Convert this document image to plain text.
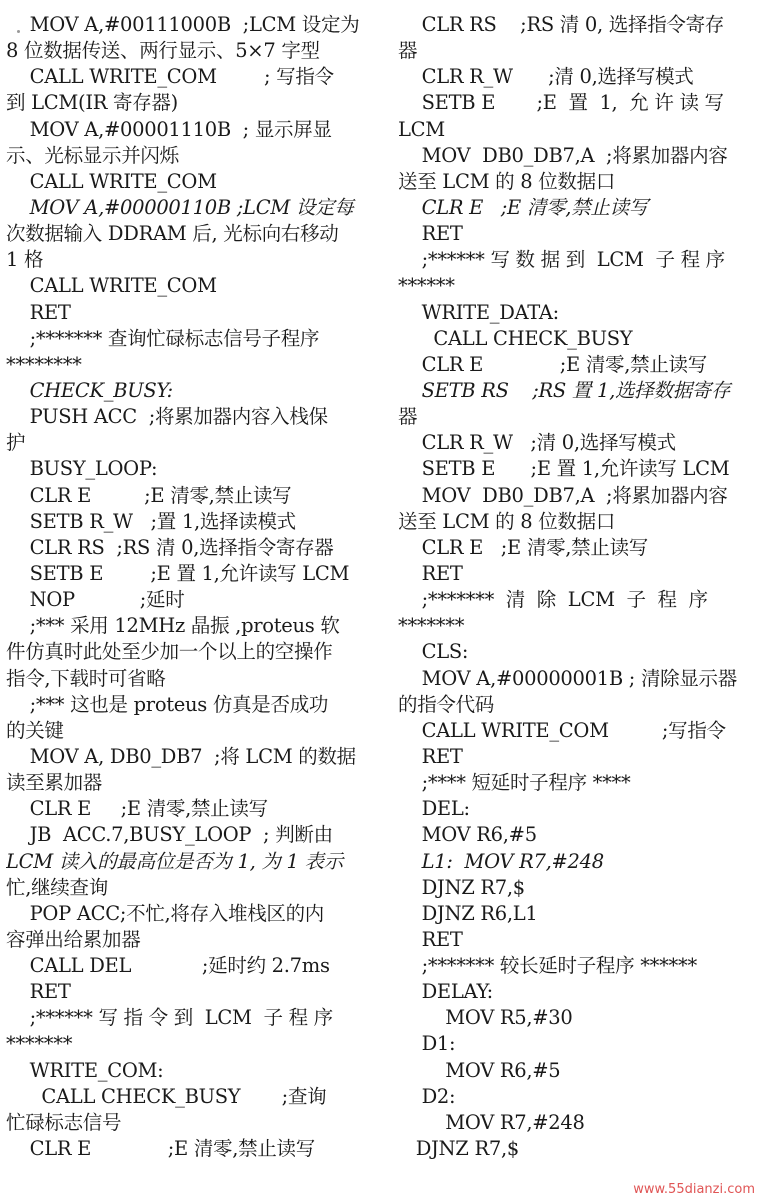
MOV A,#00111000B  ;LCM 设定为
8 位数据传送、两行显示、5×7 字型
CALL WRITE_COM        ; 写指令
到 LCM(IR 寄存器)
MOV A,#00001110B  ; 显示屏显
示、光标显示并闪烁
CALL WRITE_COM
MOV A,#00000110B ;LCM 设定每
次数据输入 DDRAM 后, 光标向右移动
1 格
CALL WRITE_COM
RET
;******* 查询忙碌标志信号子程序
********
CHECK_BUSY:
PUSH ACC  ;将累加器内容入栈保
护
BUSY_LOOP:
CLR E         ;E 清零,禁止读写
SETB R_W   ;置 1,选择读模式
CLR RS  ;RS 清 0,选择指令寄存器
SETB E        ;E 置 1,允许读写 LCM
NOP           ;延时
;*** 采用 12MHz 晶振 ,proteus 软
件仿真时此处至少加一个以上的空操作
指令,下载时可省略
;*** 这也是 proteus 仿真是否成功
的关键
MOV A, DB0_DB7  ;将 LCM 的数据
读至累加器
CLR E     ;E 清零,禁止读写
JB  ACC.7,BUSY_LOOP  ; 判断由
LCM 读入的最高位是否为 1, 为 1 表示
忙,继续查询
POP ACC;不忙,将存入堆栈区的内
容弹出给累加器
CALL DEL            ;延时约 2.7ms
RET
;****** 写 指 令 到  LCM  子 程 序
*******
WRITE_COM:
CALL CHECK_BUSY       ;查询
忙碌标志信号
CLR E             ;E 清零,禁止读写
CLR RS    ;RS 清 0, 选择指令寄存
器
CLR R_W      ;清 0,选择写模式
SETB E       ;E  置  1,  允 许 读 写
LCM
MOV  DB0_DB7,A  ;将累加器内容
送至 LCM 的 8 位数据口
CLR E   ;E 清零,禁止读写
RET
;****** 写 数 据 到  LCM  子 程 序
******
WRITE_DATA:
CALL CHECK_BUSY
CLR E             ;E 清零,禁止读写
SETB RS    ;RS 置 1,选择数据寄存
器
CLR R_W   ;清 0,选择写模式
SETB E      ;E 置 1,允许读写 LCM
MOV  DB0_DB7,A  ;将累加器内容
送至 LCM 的 8 位数据口
CLR E   ;E 清零,禁止读写
RET
;*******  清  除  LCM  子  程  序
*******
CLS:
MOV A,#00000001B ; 清除显示器
的指令代码
CALL WRITE_COM         ;写指令
RET
;**** 短延时子程序 ****
DEL:
MOV R6,#5
L1:  MOV R7,#248
DJNZ R7,$
DJNZ R6,L1
RET
;******* 较长延时子程序 ******
DELAY:
MOV R5,#30
D1:
MOV R6,#5
D2:
MOV R7,#248
DJNZ R7,$
www.55dianzi.com
